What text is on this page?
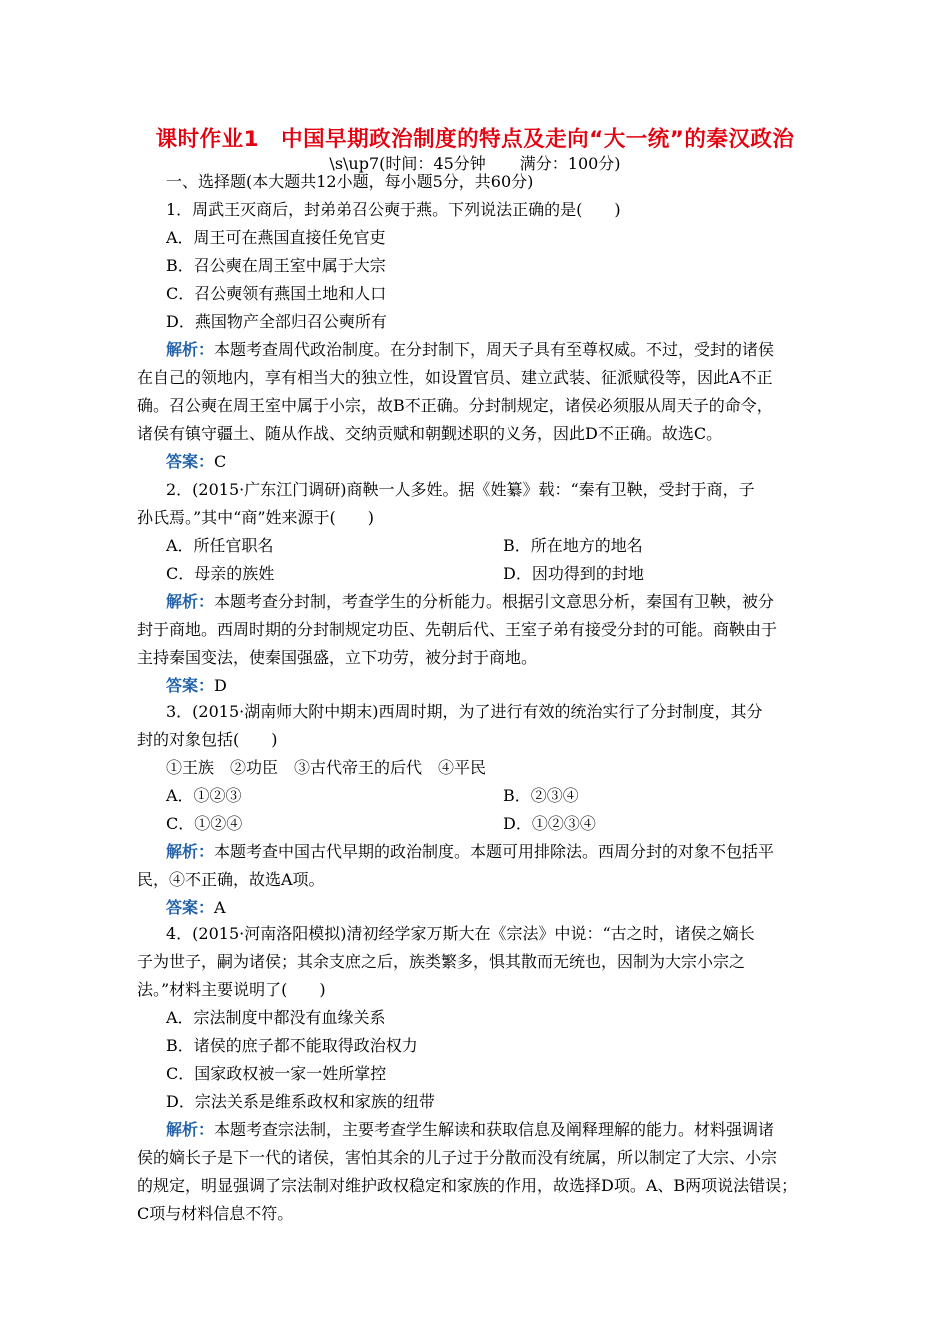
课时作业1　中国早期政治制度的特点及走向“大一统”的秦汉政治
\s\up7(时间：45分钟 满分：100分)
一、选择题(本大题共12小题，每小题5分，共60分)
1．周武王灭商后，封弟弟召公奭于燕。下列说法正确的是(　　)
A．周王可在燕国直接任免官吏
B．召公奭在周王室中属于大宗
C．召公奭领有燕国土地和人口
D．燕国物产全部归召公奭所有
解析：本题考查周代政治制度。在分封制下，周天子具有至尊权威。不过，受封的诸侯
在自己的领地内，享有相当大的独立性，如设置官员、建立武装、征派赋役等，因此A不正
确。召公奭在周王室中属于小宗，故B不正确。分封制规定，诸侯必须服从周天子的命令，
诸侯有镇守疆土、随从作战、交纳贡赋和朝觐述职的义务，因此D不正确。故选C。
答案：C
2．(2015·广东江门调研)商鞅一人多姓。据《姓纂》载：“秦有卫鞅，受封于商，子
孙氏焉。”其中“商”姓来源于(　　)
A．所任官职名	B．所在地方的地名
C．母亲的族姓	D．因功得到的封地
解析：本题考查分封制，考查学生的分析能力。根据引文意思分析，秦国有卫鞅，被分
封于商地。西周时期的分封制规定功臣、先朝后代、王室子弟有接受分封的可能。商鞅由于
主持秦国变法，使秦国强盛，立下功劳，被分封于商地。
答案：D
3．(2015·湖南师大附中期末)西周时期，为了进行有效的统治实行了分封制度，其分
封的对象包括(　　)
①王族　②功臣　③古代帝王的后代　④平民
A．①②③	B．②③④
C．①②④	D．①②③④
解析：本题考查中国古代早期的政治制度。本题可用排除法。西周分封的对象不包括平
民，④不正确，故选A项。
答案：A
4．(2015·河南洛阳模拟)清初经学家万斯大在《宗法》中说：“古之时，诸侯之嫡长
子为世子，嗣为诸侯；其余支庶之后，族类繁多，惧其散而无统也，因制为大宗小宗之
法。”材料主要说明了(　　)
A．宗法制度中都没有血缘关系
B．诸侯的庶子都不能取得政治权力
C．国家政权被一家一姓所掌控
D．宗法关系是维系政权和家族的纽带
解析：本题考查宗法制，主要考查学生解读和获取信息及阐释理解的能力。材料强调诸
侯的嫡长子是下一代的诸侯，害怕其余的儿子过于分散而没有统属，所以制定了大宗、小宗
的规定，明显强调了宗法制对维护政权稳定和家族的作用，故选择D项。A、B两项说法错误；
C项与材料信息不符。
